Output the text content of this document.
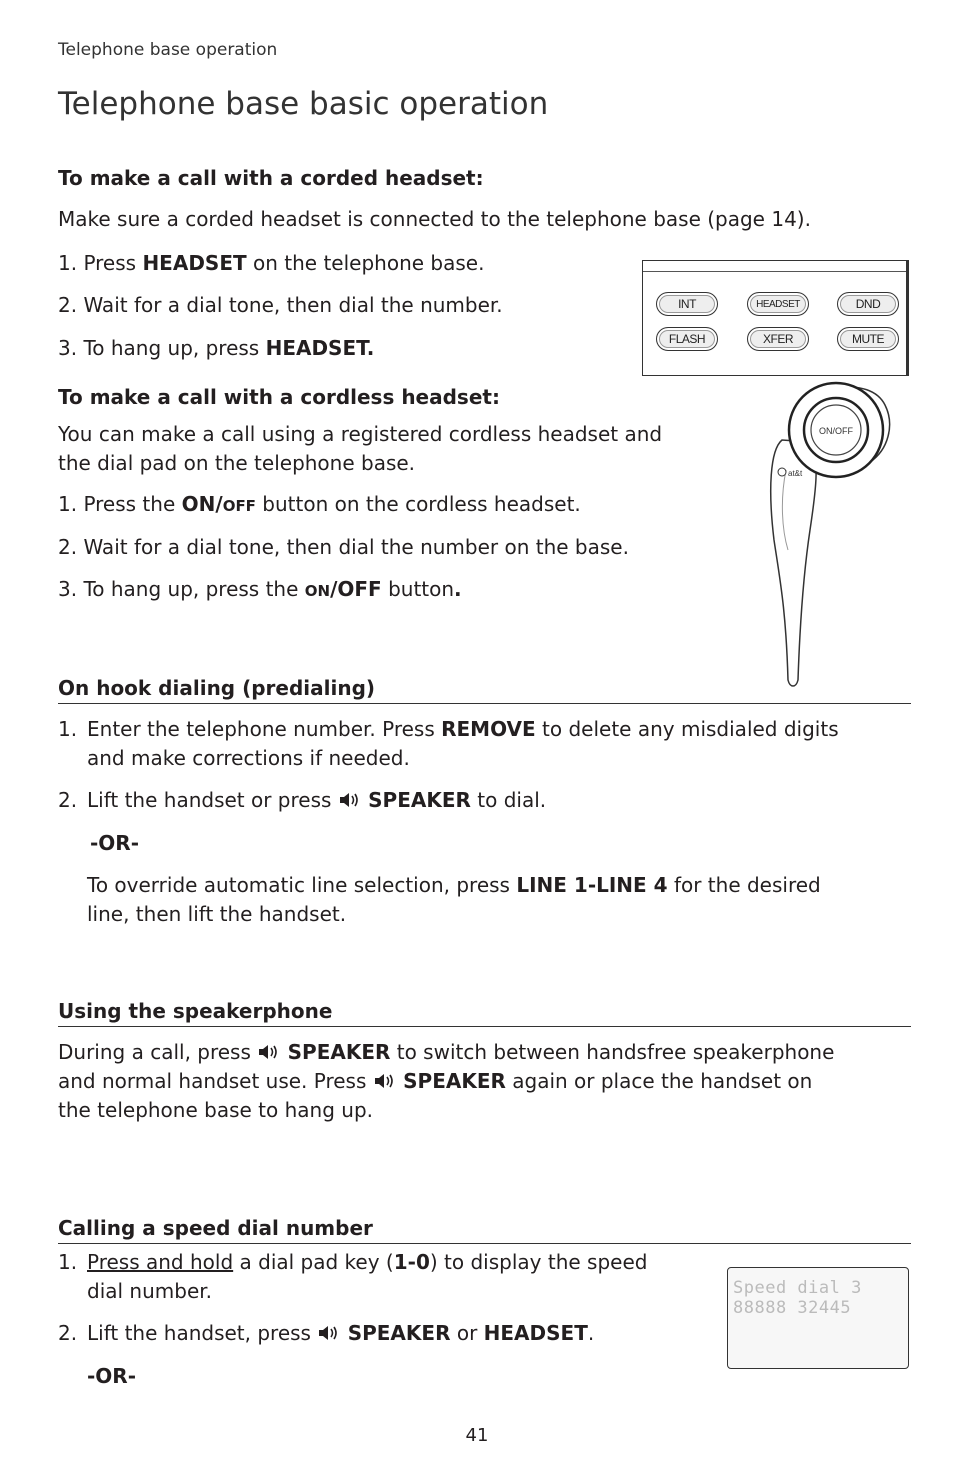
Telephone base operation
Telephone base basic operation
To make a call with a corded headset:
Make sure a corded headset is connected to the telephone base (page 14).
1. Press HEADSET on the telephone base.
2. Wait for a dial tone, then dial the number.
3. To hang up, press HEADSET.
INT	HEADSET	DND
FLASH	XFER	MUTE
To make a call with a cordless headset:
You can make a call using a registered cordless headset and
the dial pad on the telephone base.
1. Press the ON/OFF button on the cordless headset.
2. Wait for a dial tone, then dial the number on the base.
3. To hang up, press the ON/OFF button.
at&t
ON/OFF
On hook dialing (predialing)
1. Enter the telephone number. Press REMOVE to delete any misdialed digits
and make corrections if needed.
2. Lift the handset or press  SPEAKER to dial.
-OR-
To override automatic line selection, press LINE 1-LINE 4 for the desired
line, then lift the handset.
Using the speakerphone
During a call, press  SPEAKER to switch between handsfree speakerphone
and normal handset use. Press  SPEAKER again or place the handset on
the telephone base to hang up.
Calling a speed dial number
1. Press and hold a dial pad key (1-0) to display the speed
dial number.
2. Lift the handset, press  SPEAKER or HEADSET.
-OR-
Speed dial 3
88888 32445
41
